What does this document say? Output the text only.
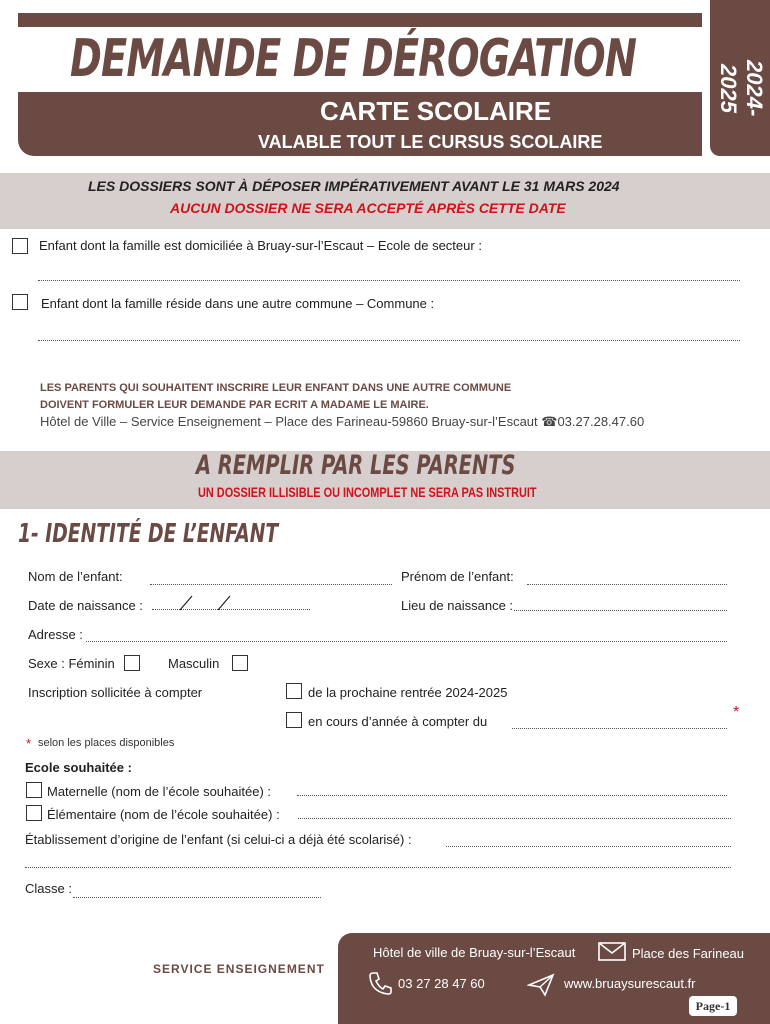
DEMANDE DE DÉROGATION
CARTE SCOLAIRE
VALABLE TOUT LE CURSUS SCOLAIRE
2024-2025
LES DOSSIERS SONT À DÉPOSER IMPÉRATIVEMENT AVANT LE 31 MARS 2024
AUCUN DOSSIER NE SERA ACCEPTÉ APRÈS CETTE DATE
Enfant dont la famille est domiciliée à Bruay-sur-l’Escaut – Ecole de secteur :
Enfant dont la famille réside dans une autre commune – Commune :
LES PARENTS QUI SOUHAITENT INSCRIRE LEUR ENFANT DANS UNE AUTRE COMMUNE
DOIVENT FORMULER LEUR DEMANDE PAR ECRIT A MADAME LE MAIRE.
Hôtel de Ville – Service Enseignement – Place des Farineau-59860 Bruay-sur-l’Escaut ☎03.27.28.47.60
A REMPLIR PAR LES PARENTS
UN DOSSIER ILLISIBLE OU INCOMPLET NE SERA PAS INSTRUIT
1- IDENTITÉ DE L’ENFANT
Nom de l’enfant:	Prénom de l’enfant:
Date de naissance :	Lieu de naissance :
Adresse :
Sexe : Féminin	Masculin
Inscription sollicitée à compter	de la prochaine rentrée 2024-2025
en cours d’année à compter du
*
* selon les places disponibles
Ecole souhaitée :
Maternelle (nom de l’école souhaitée) :
Élémentaire (nom de l’école souhaitée) :
Établissement d’origine de l’enfant (si celui-ci a déjà été scolarisé) :
Classe :
SERVICE ENSEIGNEMENT
Hôtel de ville de Bruay-sur-l’Escaut	Place des Farineau
03 27 28 47 60	www.bruaysurescaut.fr
Page-1
